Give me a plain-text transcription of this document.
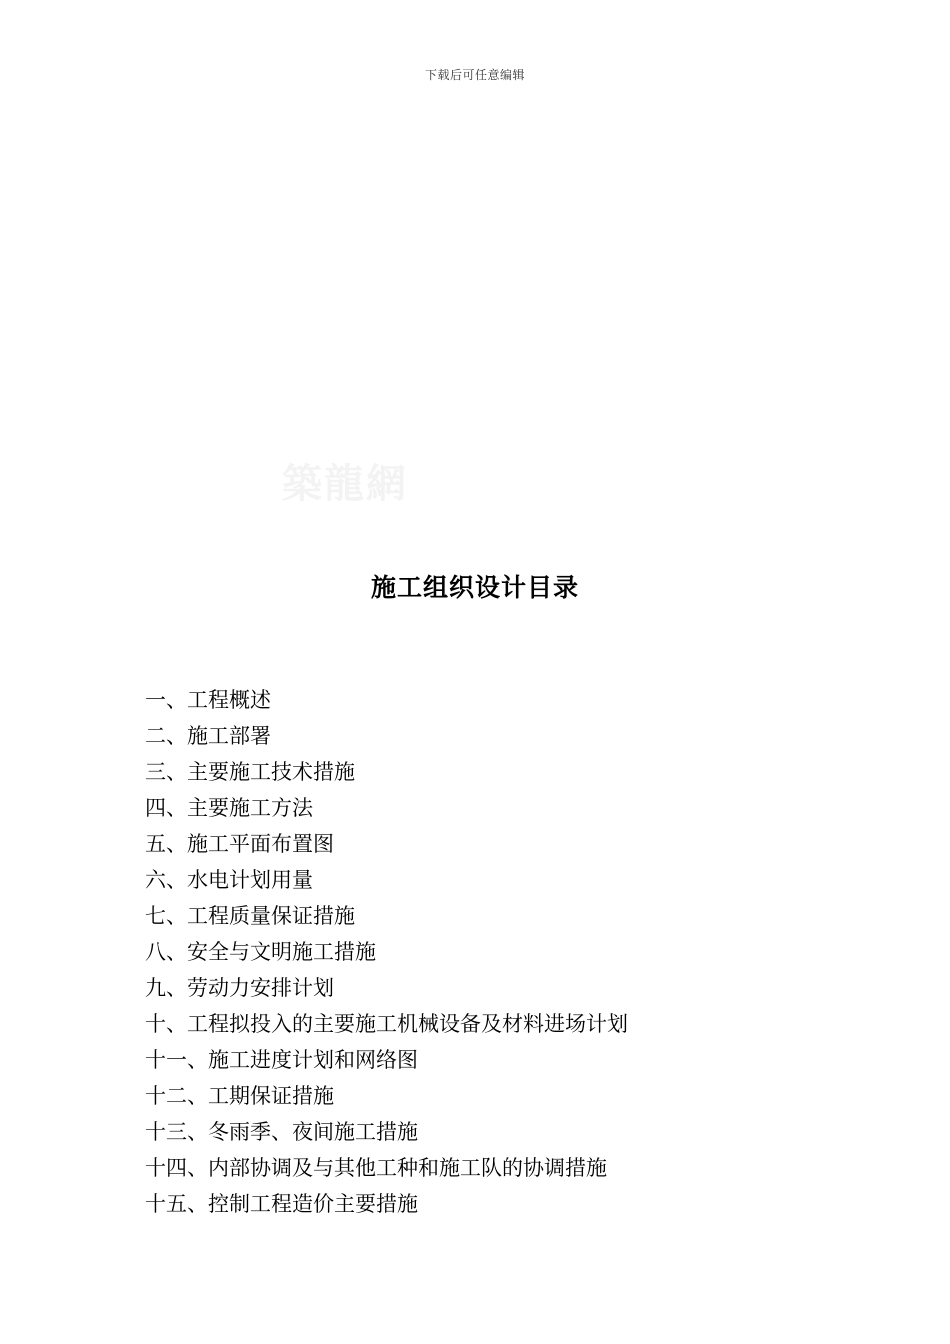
下载后可任意编辑
築龍網
施工组织设计目录
一、工程概述
二、施工部署
三、主要施工技术措施
四、主要施工方法
五、施工平面布置图
六、水电计划用量
七、工程质量保证措施
八、安全与文明施工措施
九、劳动力安排计划
十、工程拟投入的主要施工机械设备及材料进场计划
十一、施工进度计划和网络图
十二、工期保证措施
十三、冬雨季、夜间施工措施
十四、内部协调及与其他工种和施工队的协调措施
十五、控制工程造价主要措施
